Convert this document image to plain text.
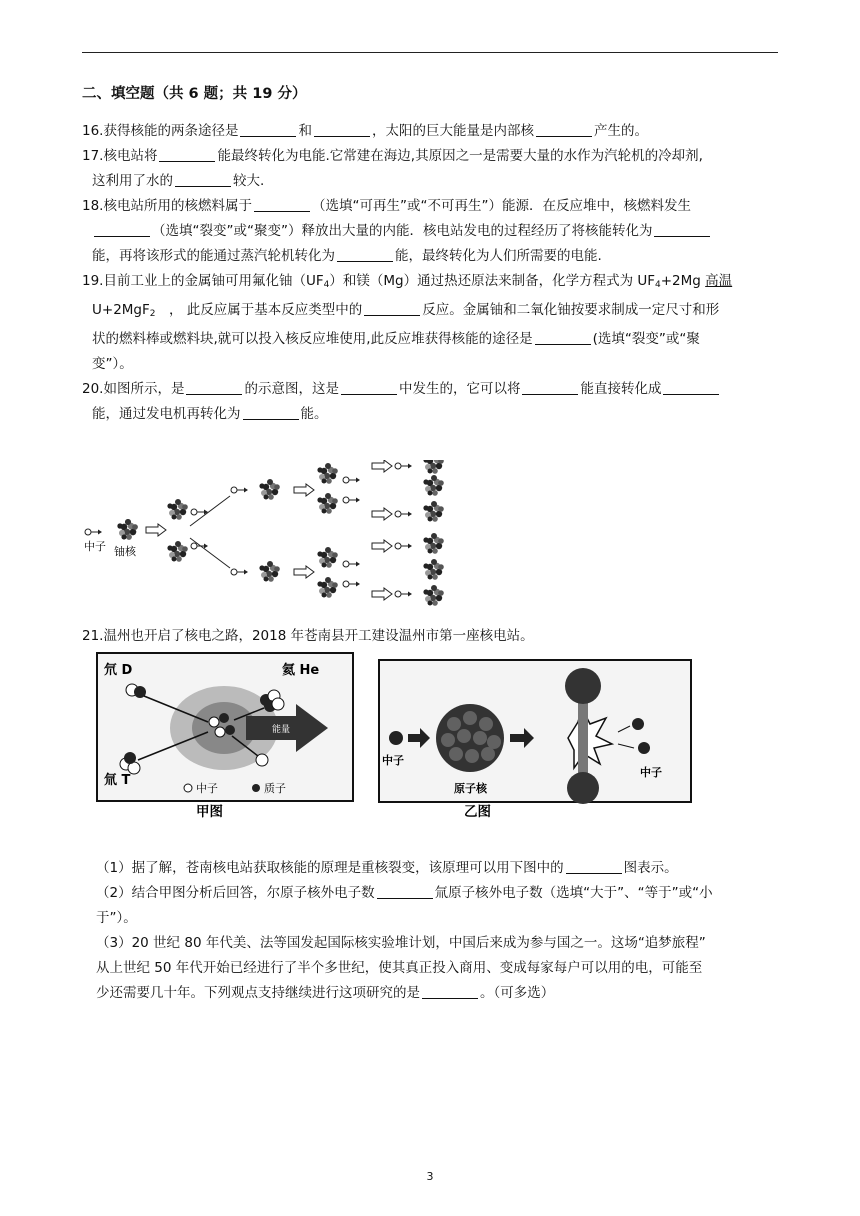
二、填空题（共 6 题；共 19 分）
16.获得核能的两条途径是	和	，太阳的巨大能量是内部核	产生的。
17.核电站将	能最终转化为电能.它常建在海边,其原因之一是需要大量的水作为汽轮机的冷却剂,
这利用了水的	较大.
18.核电站所用的核燃料属于	（选填“可再生”或“不可再生”）能源．在反应堆中，核燃料发生
（选填“裂变”或“聚变”）释放出大量的内能．核电站发电的过程经历了将核能转化为
能，再将该形式的能通过蒸汽轮机转化为	能，最终转化为人们所需要的电能.
19.目前工业上的金属铀可用氟化铀（UF4）和镁（Mg）通过热还原法来制备，化学方程式为 UF4+2Mg 高温
U+2MgF2　， 此反应属于基本反应类型中的	反应。金属铀和二氧化铀按要求制成一定尺寸和形
状的燃料棒或燃料块,就可以投入核反应堆使用,此反应堆获得核能的途径是	(选填“裂变”或“聚
变”）。
20.如图所示，是	的示意图，这是	中发生的，它可以将	能直接转化成
能，通过发电机再转化为	能。
中子 铀核
21.温州也开启了核电之路，2018 年苍南县开工建设温州市第一座核电站。
氘 D	氦 He
氚 T
能量
中子	质子
甲图
中子
原子核
中子
乙图
（1）据了解，苍南核电站获取核能的原理是重核裂变，该原理可以用下图中的	图表示。
（2）结合甲图分析后回答，尔原子核外电子数	氚原子核外电子数（选填“大于”、“等于”或“小
于”）。
（3）20 世纪 80 年代美、法等国发起国际核实验堆计划，中国后来成为参与国之一。这场“追梦旅程”
从上世纪 50 年代开始已经进行了半个多世纪，使其真正投入商用、变成每家每户可以用的电，可能至
少还需要几十年。下列观点支持继续进行这项研究的是	。（可多选）
3
